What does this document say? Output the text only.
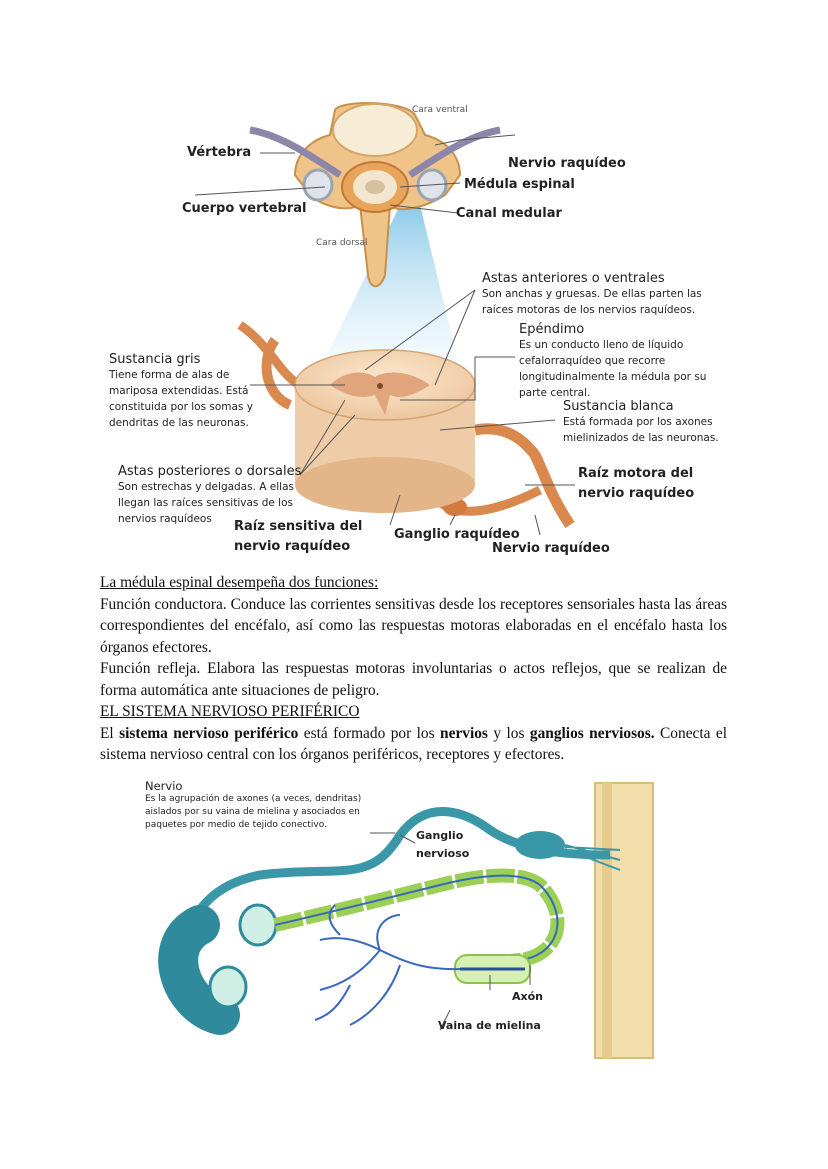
Cara ventral
Cara dorsal
Vértebra
Nervio raquídeo
Médula espinal
Cuerpo vertebral	Canal medular
Astas anteriores o ventrales
Son anchas y gruesas. De ellas parten las raíces motoras de los nervios raquídeos.
Epéndimo
Es un conducto lleno de líquido cefalorraquídeo que recorre longitudinalmente la médula por su parte central.
Sustancia gris
Tiene forma de alas de mariposa extendidas. Está constituida por los somas y dendritas de las neuronas.
Sustancia blanca
Está formada por los axones mielinizados de las neuronas.
Astas posteriores o dorsales
Son estrechas y delgadas. A ellas llegan las raíces sensitivas de los nervios raquídeos
Raíz motora del nervio raquídeo
Raíz sensitiva del nervio raquídeo
Ganglio raquídeo
Nervio raquídeo

La médula espinal desempeña dos funciones:

Función conductora. Conduce las corrientes sensitivas desde los receptores sensoriales hasta las áreas correspondientes del encéfalo, así como las respuestas motoras elaboradas en el encéfalo hasta los órganos efectores.

Función refleja. Elabora las respuestas motoras involuntarias o actos reflejos, que se realizan de forma automática ante situaciones de peligro.

EL SISTEMA NERVIOSO PERIFÉRICO

El sistema nervioso periférico está formado por los nervios y los ganglios nerviosos. Conecta el sistema nervioso central con los órganos periféricos, receptores y efectores.

Nervio
Es la agrupación de axones (a veces, dendritas) aislados por su vaina de mielina y asociados en paquetes por medio de tejido conectivo.
Ganglio nervioso
Axón
Vaina de mielina
